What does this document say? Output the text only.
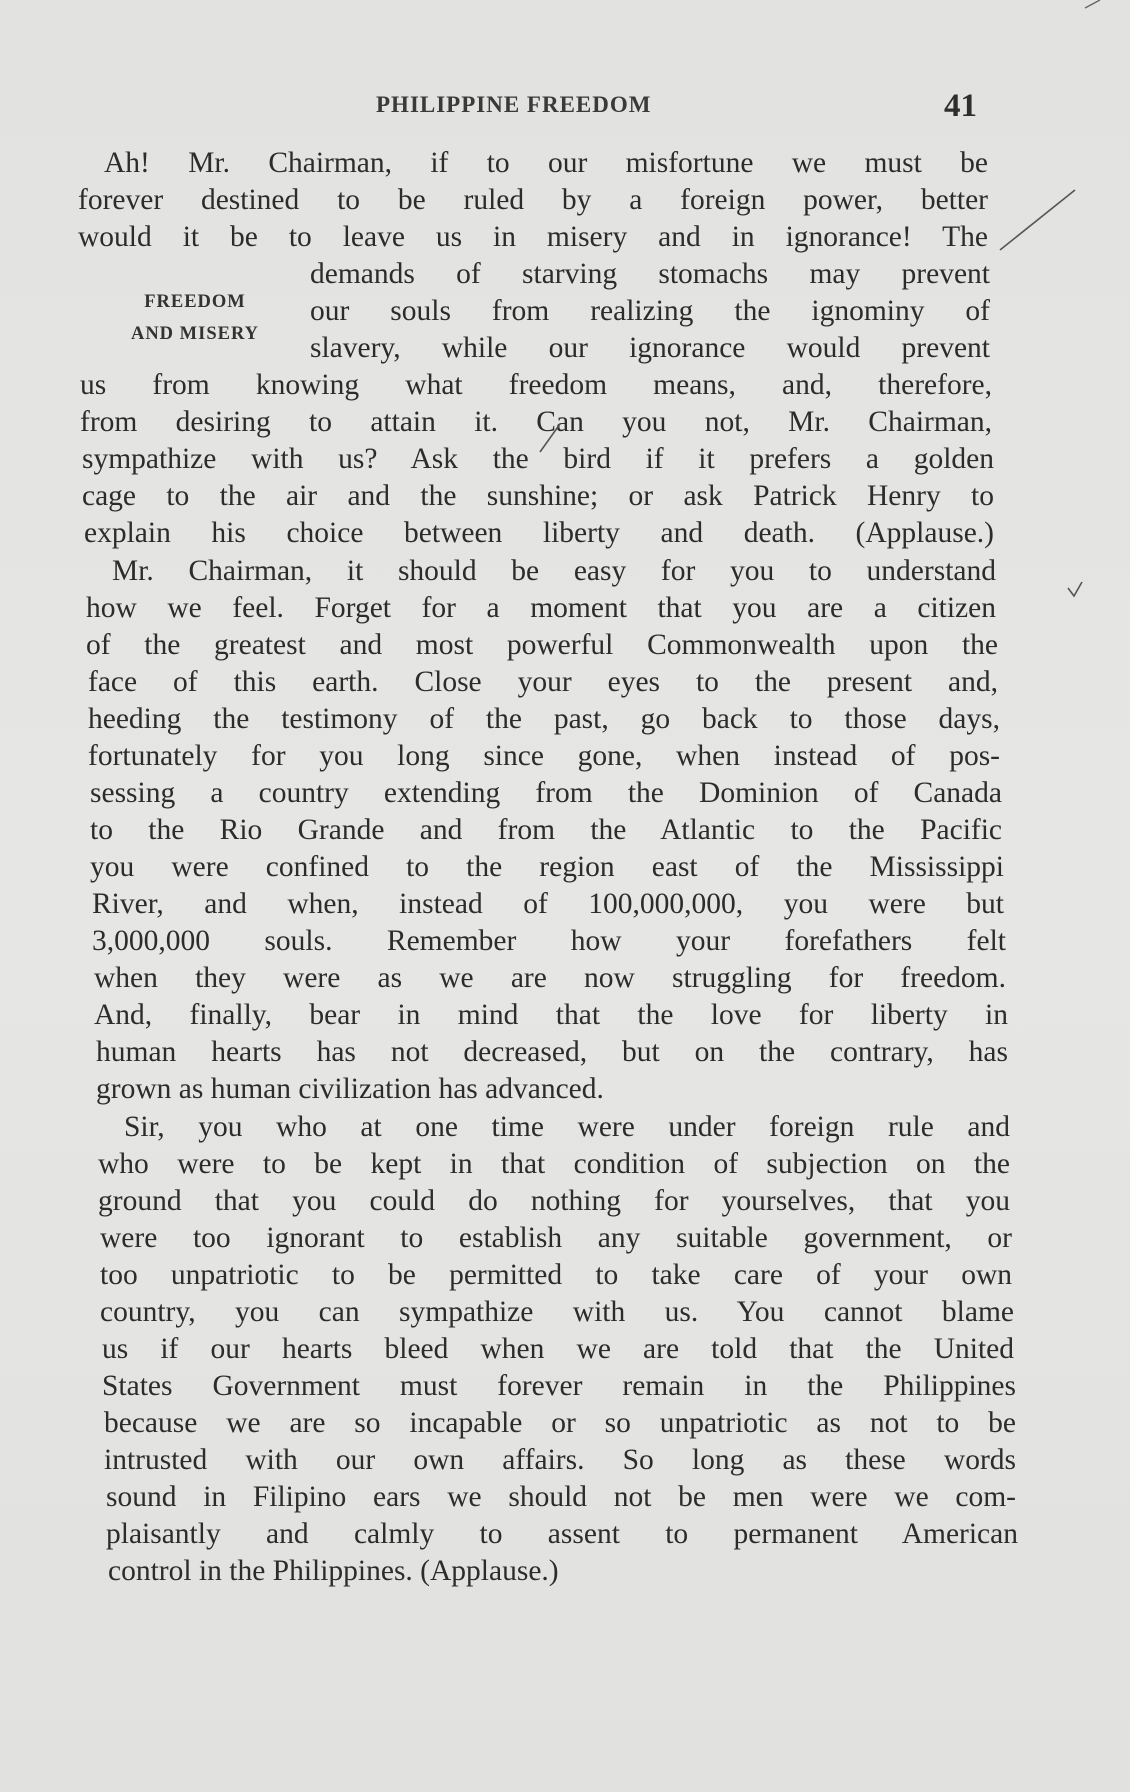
PHILIPPINE FREEDOM	41
FREEDOM
AND MISERY
Ah! Mr. Chairman, if to our misfortune we must be
forever destined to be ruled by a foreign power, better
would it be to leave us in misery and in ignorance! The
demands of starving stomachs may prevent
our souls from realizing the ignominy of
slavery, while our ignorance would prevent
us from knowing what freedom means, and, therefore,
from desiring to attain it. Can you not, Mr. Chairman,
sympathize with us? Ask the bird if it prefers a golden
cage to the air and the sunshine; or ask Patrick Henry to
explain his choice between liberty and death. (Applause.)
Mr. Chairman, it should be easy for you to understand
how we feel. Forget for a moment that you are a citizen
of the greatest and most powerful Commonwealth upon the
face of this earth. Close your eyes to the present and,
heeding the testimony of the past, go back to those days,
fortunately for you long since gone, when instead of pos-
sessing a country extending from the Dominion of Canada
to the Rio Grande and from the Atlantic to the Pacific
you were confined to the region east of the Mississippi
River, and when, instead of 100,000,000, you were but
3,000,000 souls. Remember how your forefathers felt
when they were as we are now struggling for freedom.
And, finally, bear in mind that the love for liberty in
human hearts has not decreased, but on the contrary, has
grown as human civilization has advanced.
Sir, you who at one time were under foreign rule and
who were to be kept in that condition of subjection on the
ground that you could do nothing for yourselves, that you
were too ignorant to establish any suitable government, or
too unpatriotic to be permitted to take care of your own
country, you can sympathize with us. You cannot blame
us if our hearts bleed when we are told that the United
States Government must forever remain in the Philippines
because we are so incapable or so unpatriotic as not to be
intrusted with our own affairs. So long as these words
sound in Filipino ears we should not be men were we com-
plaisantly and calmly to assent to permanent American
control in the Philippines. (Applause.)
